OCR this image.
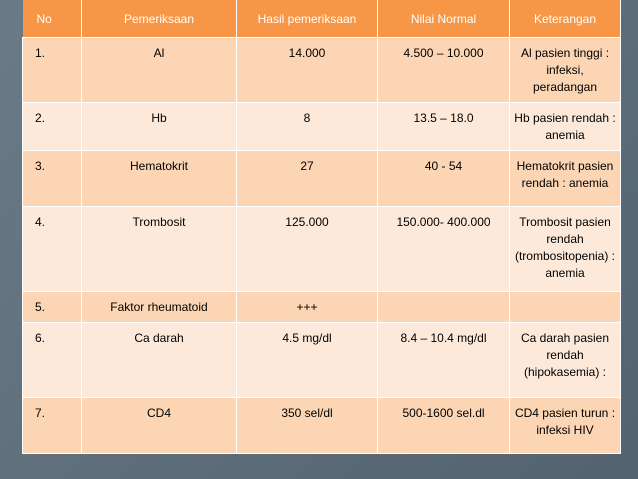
No	Pemeriksaan	Hasil pemeriksaan	Nilai Normal	Keterangan
1.	Al	14.000	4.500 – 10.000	Al pasien tinggi : infeksi, peradangan
2.	Hb	8	13.5 – 18.0	Hb pasien rendah : anemia
3.	Hematokrit	27	40 - 54	Hematokrit pasien rendah : anemia
4.	Trombosit	125.000	150.000- 400.000	Trombosit pasien rendah (trombositopenia) : anemia
5.	Faktor rheumatoid	+++		
6.	Ca darah	4.5 mg/dl	8.4 – 10.4 mg/dl	Ca darah pasien rendah (hipokasemia) :
7.	CD4	350 sel/dl	500-1600 sel.dl	CD4 pasien turun : infeksi HIV
